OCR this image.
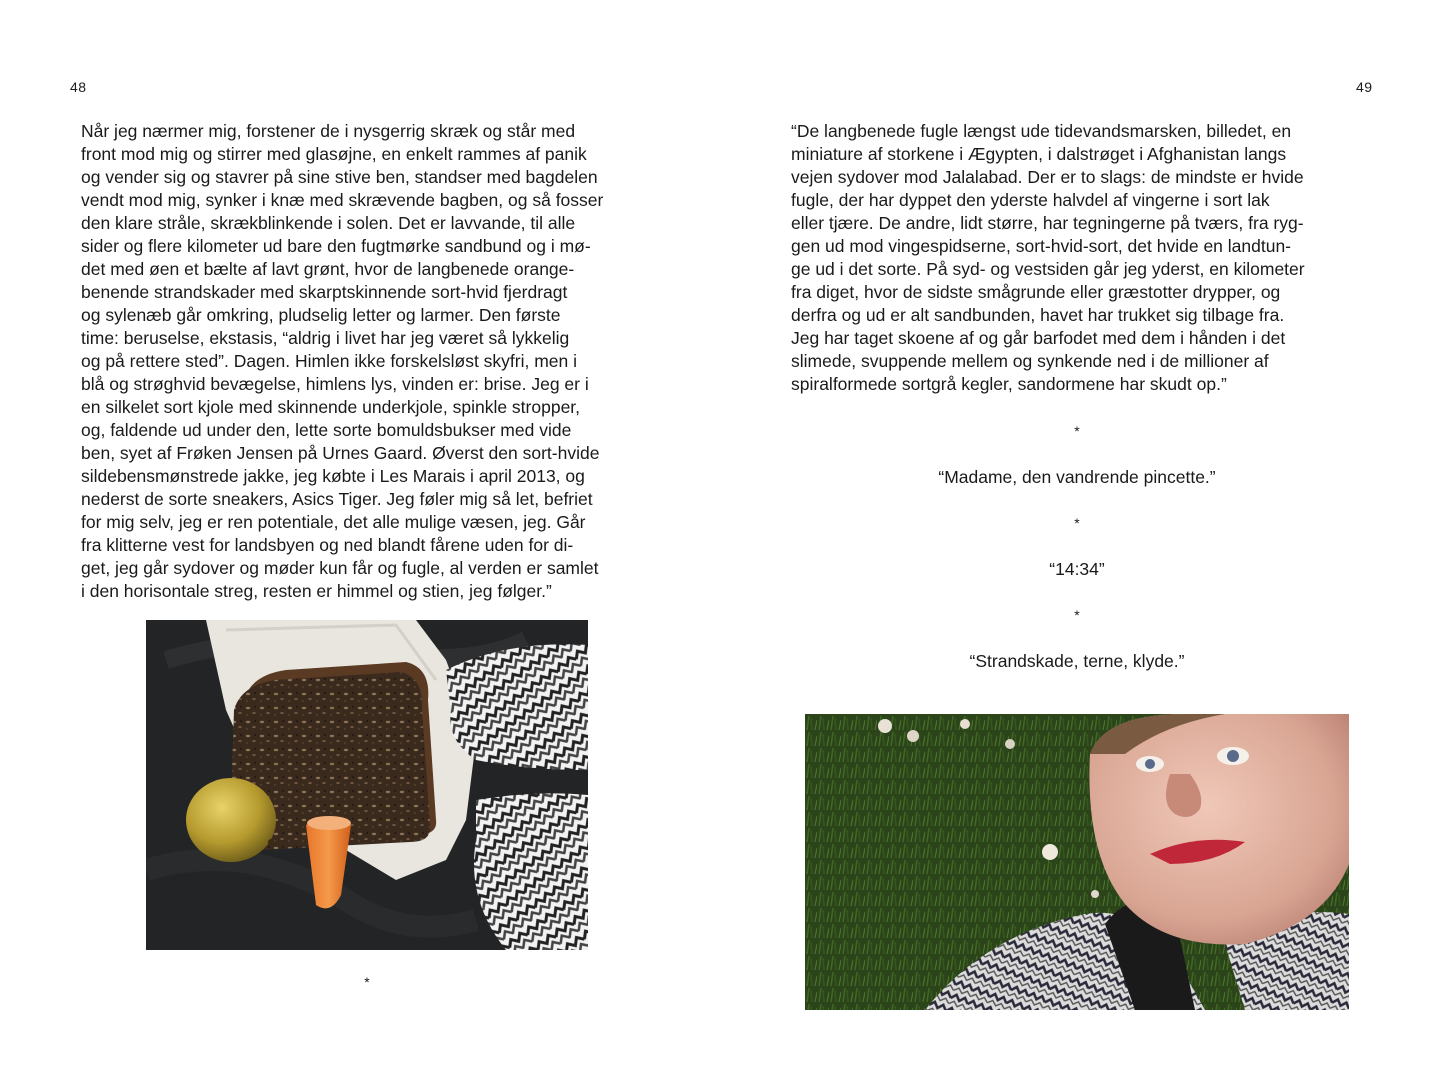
48
Når jeg nærmer mig, forstener de i nysgerrig skræk og står med
front mod mig og stirrer med glasøjne, en enkelt rammes af panik
og vender sig og stavrer på sine stive ben, standser med bagdelen
vendt mod mig, synker i knæ med skrævende bagben, og så fosser
den klare stråle, skrækblinkende i solen. Det er lavvande, til alle
sider og flere kilometer ud bare den fugtmørke sandbund og i mø-
det med øen et bælte af lavt grønt, hvor de langbenede orange-
benende strandskader med skarptskinnende sort-hvid fjerdragt
og sylenæb går omkring, pludselig letter og larmer. Den første
time: beruselse, ekstasis, “aldrig i livet har jeg været så lykkelig
og på rettere sted”. Dagen. Himlen ikke forskelsløst skyfri, men i
blå og strøghvid bevægelse, himlens lys, vinden er: brise. Jeg er i
en silkelet sort kjole med skinnende underkjole, spinkle stropper,
og, faldende ud under den, lette sorte bomuldsbukser med vide
ben, syet af Frøken Jensen på Urnes Gaard. Øverst den sort-hvide
sildebensmønstrede jakke, jeg købte i Les Marais i april 2013, og
nederst de sorte sneakers, Asics Tiger. Jeg føler mig så let, befriet
for mig selv, jeg er ren potentiale, det alle mulige væsen, jeg. Går
fra klitterne vest for landsbyen og ned blandt fårene uden for di-
get, jeg går sydover og møder kun får og fugle, al verden er samlet
i den horisontale streg, resten er himmel og stien, jeg følger.”
*
49
“De langbenede fugle længst ude tidevandsmarsken, billedet, en
miniature af storkene i Ægypten, i dalstrøget i Afghanistan langs
vejen sydover mod Jalalabad. Der er to slags: de mindste er hvide
fugle, der har dyppet den yderste halvdel af vingerne i sort lak
eller tjære. De andre, lidt større, har tegningerne på tværs, fra ryg-
gen ud mod vingespidserne, sort-hvid-sort, det hvide en landtun-
ge ud i det sorte. På syd- og vestsiden går jeg yderst, en kilometer
fra diget, hvor de sidste smågrunde eller græstotter drypper, og
derfra og ud er alt sandbunden, havet har trukket sig tilbage fra.
Jeg har taget skoene af og går barfodet med dem i hånden i det
slimede, svuppende mellem og synkende ned i de millioner af
spiralformede sortgrå kegler, sandormene har skudt op.”
*
“Madame, den vandrende pincette.”
*
“14:34”
*
“Strandskade, terne, klyde.”
